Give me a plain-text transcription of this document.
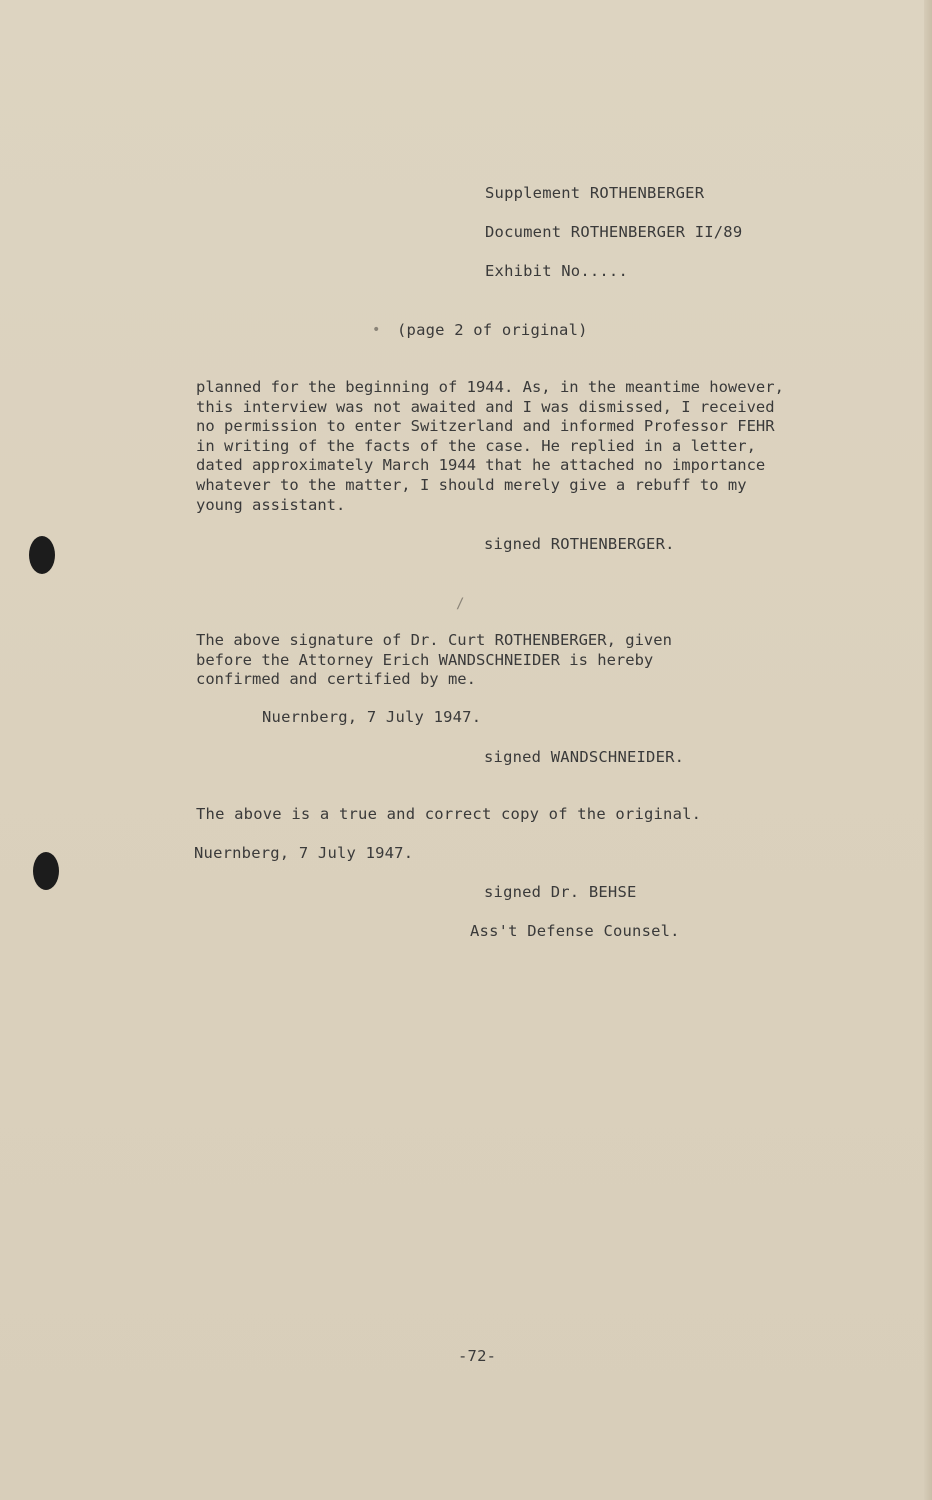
Supplement ROTHENBERGER
Document ROTHENBERGER II/89
Exhibit No.....
• (page 2 of original)
planned for the beginning of 1944. As, in the meantime however,
this interview was not awaited and I was dismissed, I received
no permission to enter Switzerland and informed Professor FEHR
in writing of the facts of the case. He replied in a letter,
dated approximately March 1944 that he attached no importance
whatever to the matter, I should merely give a rebuff to my
young assistant.
signed ROTHENBERGER.
/
The above signature of Dr. Curt ROTHENBERGER, given
before the Attorney Erich WANDSCHNEIDER is hereby
confirmed and certified by me.
Nuernberg, 7 July 1947.
signed WANDSCHNEIDER.
The above is a true and correct copy of the original.
Nuernberg, 7 July 1947.
signed Dr. BEHSE
Ass't Defense Counsel.
-72-
